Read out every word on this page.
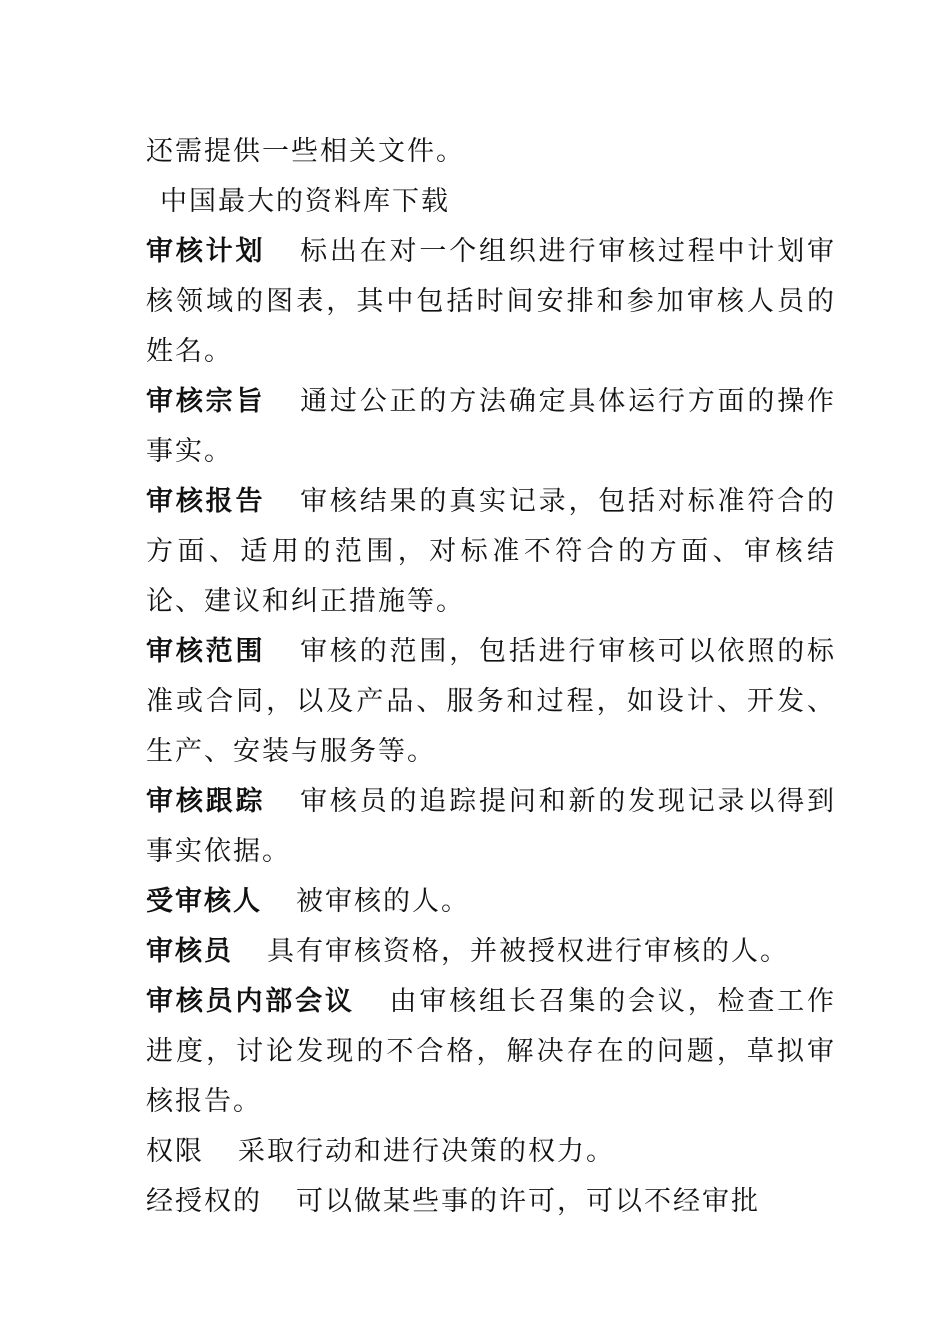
还需提供一些相关文件。

中国最大的资料库下载

审核计划 标出在对一个组织进行审核过程中计划审核领域的图表，其中包括时间安排和参加审核人员的姓名。

审核宗旨 通过公正的方法确定具体运行方面的操作事实。

审核报告 审核结果的真实记录，包括对标准符合的方面、适用的范围，对标准不符合的方面、审核结论、建议和纠正措施等。

审核范围 审核的范围，包括进行审核可以依照的标准或合同，以及产品、服务和过程，如设计、开发、生产、安装与服务等。

审核跟踪 审核员的追踪提问和新的发现记录以得到事实依据。

受审核人 被审核的人。

审核员 具有审核资格，并被授权进行审核的人。

审核员内部会议 由审核组长召集的会议，检查工作进度，讨论发现的不合格，解决存在的问题，草拟审核报告。

权限 采取行动和进行决策的权力。

经授权的 可以做某些事的许可，可以不经审批
